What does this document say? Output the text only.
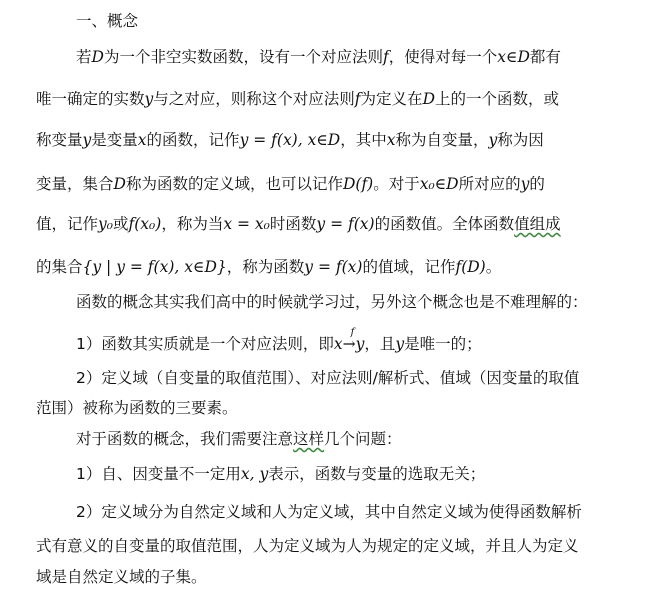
一、概念
若D为一个非空实数函数，设有一个对应法则f，使得对每一个x∈D都有
唯一确定的实数y与之对应，则称这个对应法则f为定义在D上的一个函数，或
称变量y是变量x的函数，记作y = f(x), x∈D，其中x称为自变量，y称为因
变量，集合D称为函数的定义域，也可以记作D(f)。对于x₀∈D所对应的y的
值，记作y₀或f(x₀)，称为当x = x₀时函数y = f(x)的函数值。全体函数值组成
的集合{y | y = f(x), x∈D}，称为函数y = f(x)的值域，记作f(D)。
函数的概念其实我们高中的时候就学习过，另外这个概念也是不难理解的：
1）函数其实质就是一个对应法则，即x→
f
y，且y是唯一的；
2）定义域（自变量的取值范围）、对应法则/解析式、值域（因变量的取值
范围）被称为函数的三要素。
对于函数的概念，我们需要注意这样几个问题：
1）自、因变量不一定用x, y表示，函数与变量的选取无关；
2）定义域分为自然定义域和人为定义域，其中自然定义域为使得函数解析
式有意义的自变量的取值范围，人为定义域为人为规定的定义域，并且人为定义
域是自然定义域的子集。
